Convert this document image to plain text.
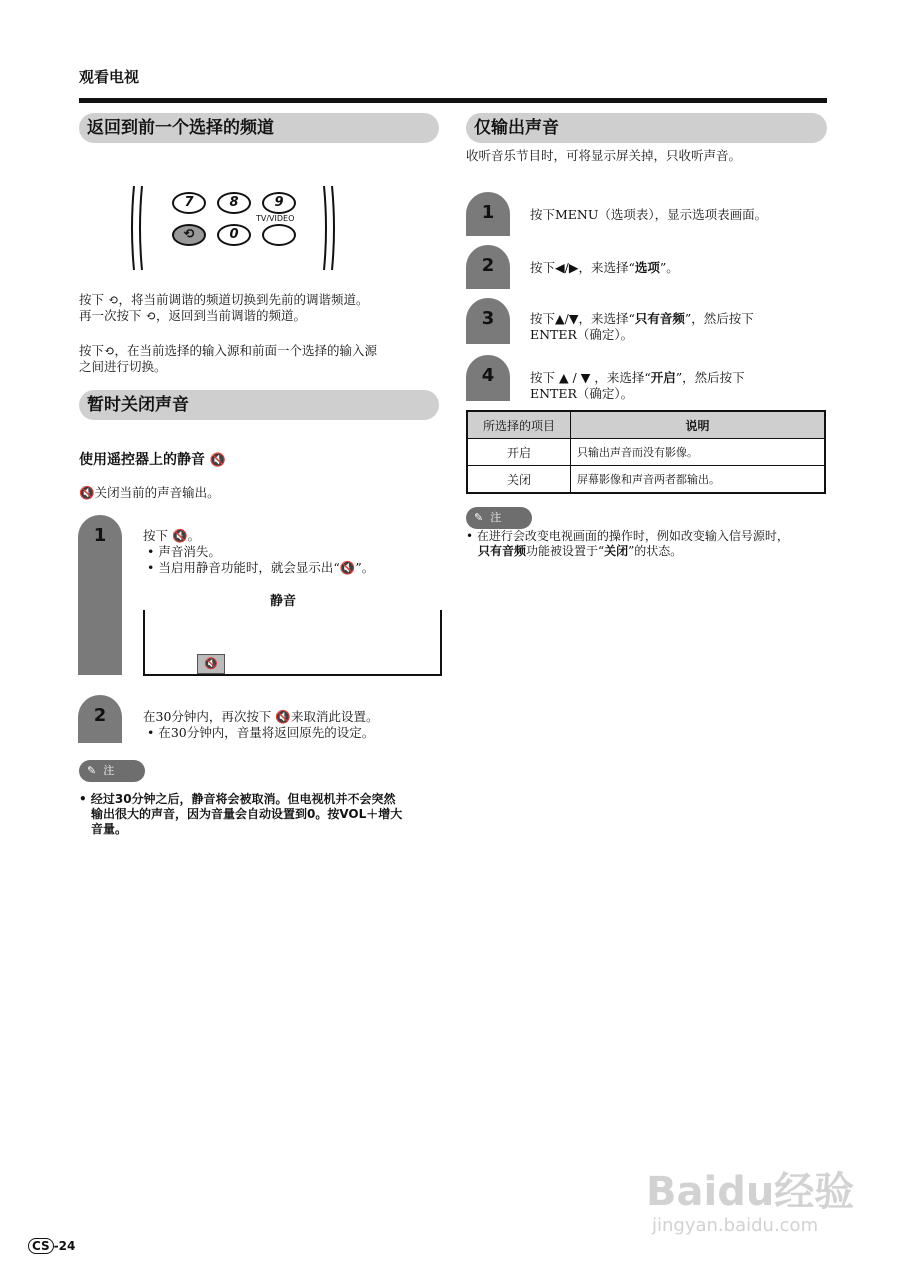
观看电视
返回到前一个选择的频道
7	8	9
TV/VIDEO
⟲	0
按下 ⟲，将当前调谐的频道切换到先前的调谐频道。
再一次按下 ⟲，返回到当前调谐的频道。
按下⟲，在当前选择的输入源和前面一个选择的输入源
之间进行切换。
暂时关闭声音
使用遥控器上的静音 🔇
🔇关闭当前的声音输出。
1	按下 🔇。
• 声音消失。
• 当启用静音功能时，就会显示出“🔇”。
静音
🔇
2	在30分钟内，再次按下 🔇来取消此设置。
• 在30分钟内，音量将返回原先的设定。
✎ 注
• 经过30分钟之后，静音将会被取消。但电视机并不会突然
输出很大的声音，因为音量会自动设置到0。按VOL＋增大
音量。
仅输出声音
收听音乐节目时，可将显示屏关掉，只收听声音。
1	按下MENU（选项表），显示选项表画面。
2	按下◀/▶，来选择“选项”。
3	按下▲/▼，来选择“只有音频”，然后按下
ENTER（确定）。
4	按下 ▲ / ▼ ，来选择“开启”，然后按下
ENTER（确定）。
所选择的项目	说明
开启	只输出声音而没有影像。
关闭	屏幕影像和声音两者都输出。
✎ 注
• 在进行会改变电视画面的操作时，例如改变输入信号源时，
只有音频功能被设置于“关闭”的状态。
Baidu经验
jingyan.baidu.com
CS -24
